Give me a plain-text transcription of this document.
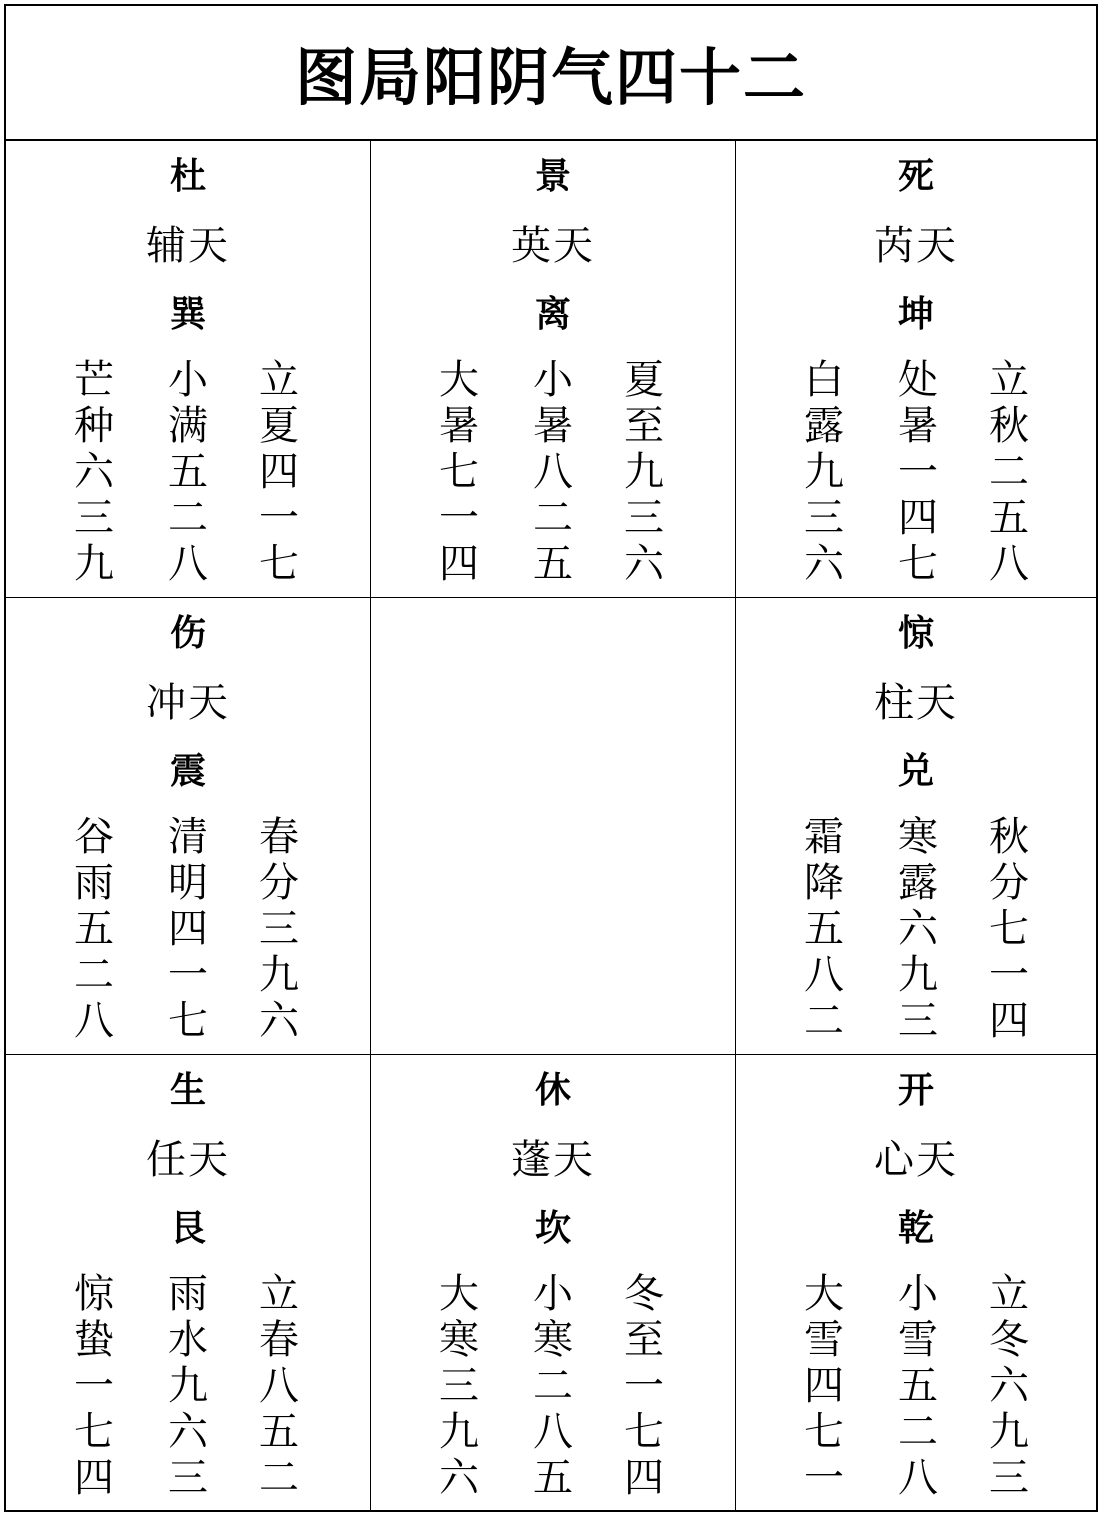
图局阳阴气四十二
杜
辅天
巽
芒
种
六
三
九
小
满
五
二
八
立
夏
四
一
七
景
英天
离
大
暑
七
一
四
小
暑
八
二
五
夏
至
九
三
六
死
芮天
坤
白
露
九
三
六
处
暑
一
四
七
立
秋
二
五
八
伤
冲天
震
谷
雨
五
二
八
清
明
四
一
七
春
分
三
九
六
惊
柱天
兑
霜
降
五
八
二
寒
露
六
九
三
秋
分
七
一
四
生
任天
艮
惊
蛰
一
七
四
雨
水
九
六
三
立
春
八
五
二
休
蓬天
坎
大
寒
三
九
六
小
寒
二
八
五
冬
至
一
七
四
开
心天
乾
大
雪
四
七
一
小
雪
五
二
八
立
冬
六
九
三
